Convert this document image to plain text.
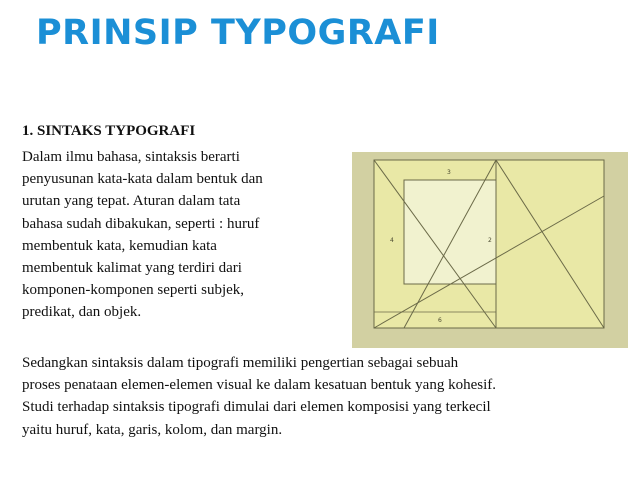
PRINSIP TYPOGRAFI
1. SINTAKS TYPOGRAFI

Dalam ilmu bahasa, sintaksis berarti
penyusunan kata-kata dalam bentuk dan
urutan yang tepat. Aturan dalam tata
bahasa sudah dibakukan, seperti : huruf
membentuk kata, kemudian kata
membentuk kalimat yang terdiri dari
komponen-komponen seperti subjek,
predikat, dan objek.

3
4	2
6

Sedangkan sintaksis dalam tipografi memiliki pengertian sebagai sebuah
proses penataan elemen-elemen visual ke dalam kesatuan bentuk yang kohesif.
Studi terhadap sintaksis tipografi dimulai dari elemen komposisi yang terkecil
yaitu huruf, kata, garis, kolom, dan margin.
